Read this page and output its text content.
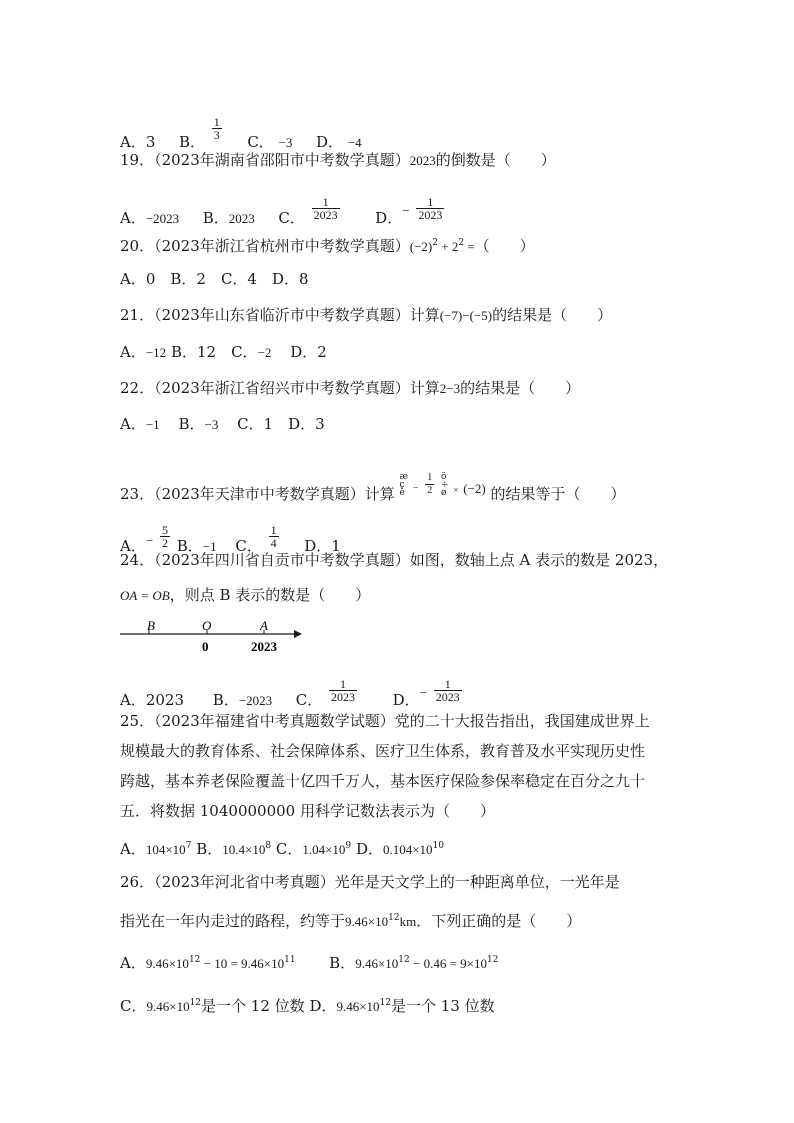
A．3 B．
$\frac{1}{3}$
C． −3 D． −4
19．（2023年湖南省邵阳市中考数学真题）2023的倒数是（　　）
A．−2023 B．2023 C． $\frac{1}{2023}$ D．− $\frac{1}{2023}$
20．（2023年浙江省杭州市中考数学真题）$(-2)^2 + 2^2$ =（　　）
A．0　B．2　C．4　D．8
21．（2023年山东省临沂市中考数学真题）计算(−7)−(−5)的结果是（　　）
A．−12 B．12　C．−2 D．2
22．（2023年浙江省绍兴市中考数学真题）计算2−3的结果是（　　）
A．−1 B．−3 C．1　D．3
23．（2023年天津市中考数学真题）计算 æ
ç
è $^- \frac{1}{2}$ ö
÷
ø × (−2) 的结果等于（　　）
A．− $\frac{5}{2}$ B．−1 C． $\frac{1}{4}$ D．1
24．（2023年四川省自贡市中考数学真题）如图，数轴上点 A 表示的数是 2023，
OA = OB，则点 B 表示的数是（　　）
B	O	A
0	2023
A．2023 B．−2023 C． $\frac{1}{2023}$ D．− $\frac{1}{2023}$
25．（2023年福建省中考真题数学试题）党的二十大报告指出，我国建成世界上
规模最大的教育体系、社会保障体系、医疗卫生体系，教育普及水平实现历史性
跨越，基本养老保险覆盖十亿四千万人，基本医疗保险参保率稳定在百分之九十
五．将数据 1040000000 用科学记数法表示为（　　）
A．$104\times 10^7$ B．$10.4\times 10^8$ C．$1.04\times 10^9$ D．$0.104\times 10^{10}$
26．（2023年河北省中考真题）光年是天文学上的一种距离单位，一光年是
指光在一年内走过的路程，约等于$9.46\times 10^{12}km$．下列正确的是（　　）
A．$9.46\times 10^{12} - 10 = 9.46\times 10^{11}$ B．$9.46\times 10^{12} - 0.46 = 9\times 10^{12}$
C．$9.46\times 10^{12}$是一个 12 位数 D．$9.46\times 10^{12}$是一个 13 位数
